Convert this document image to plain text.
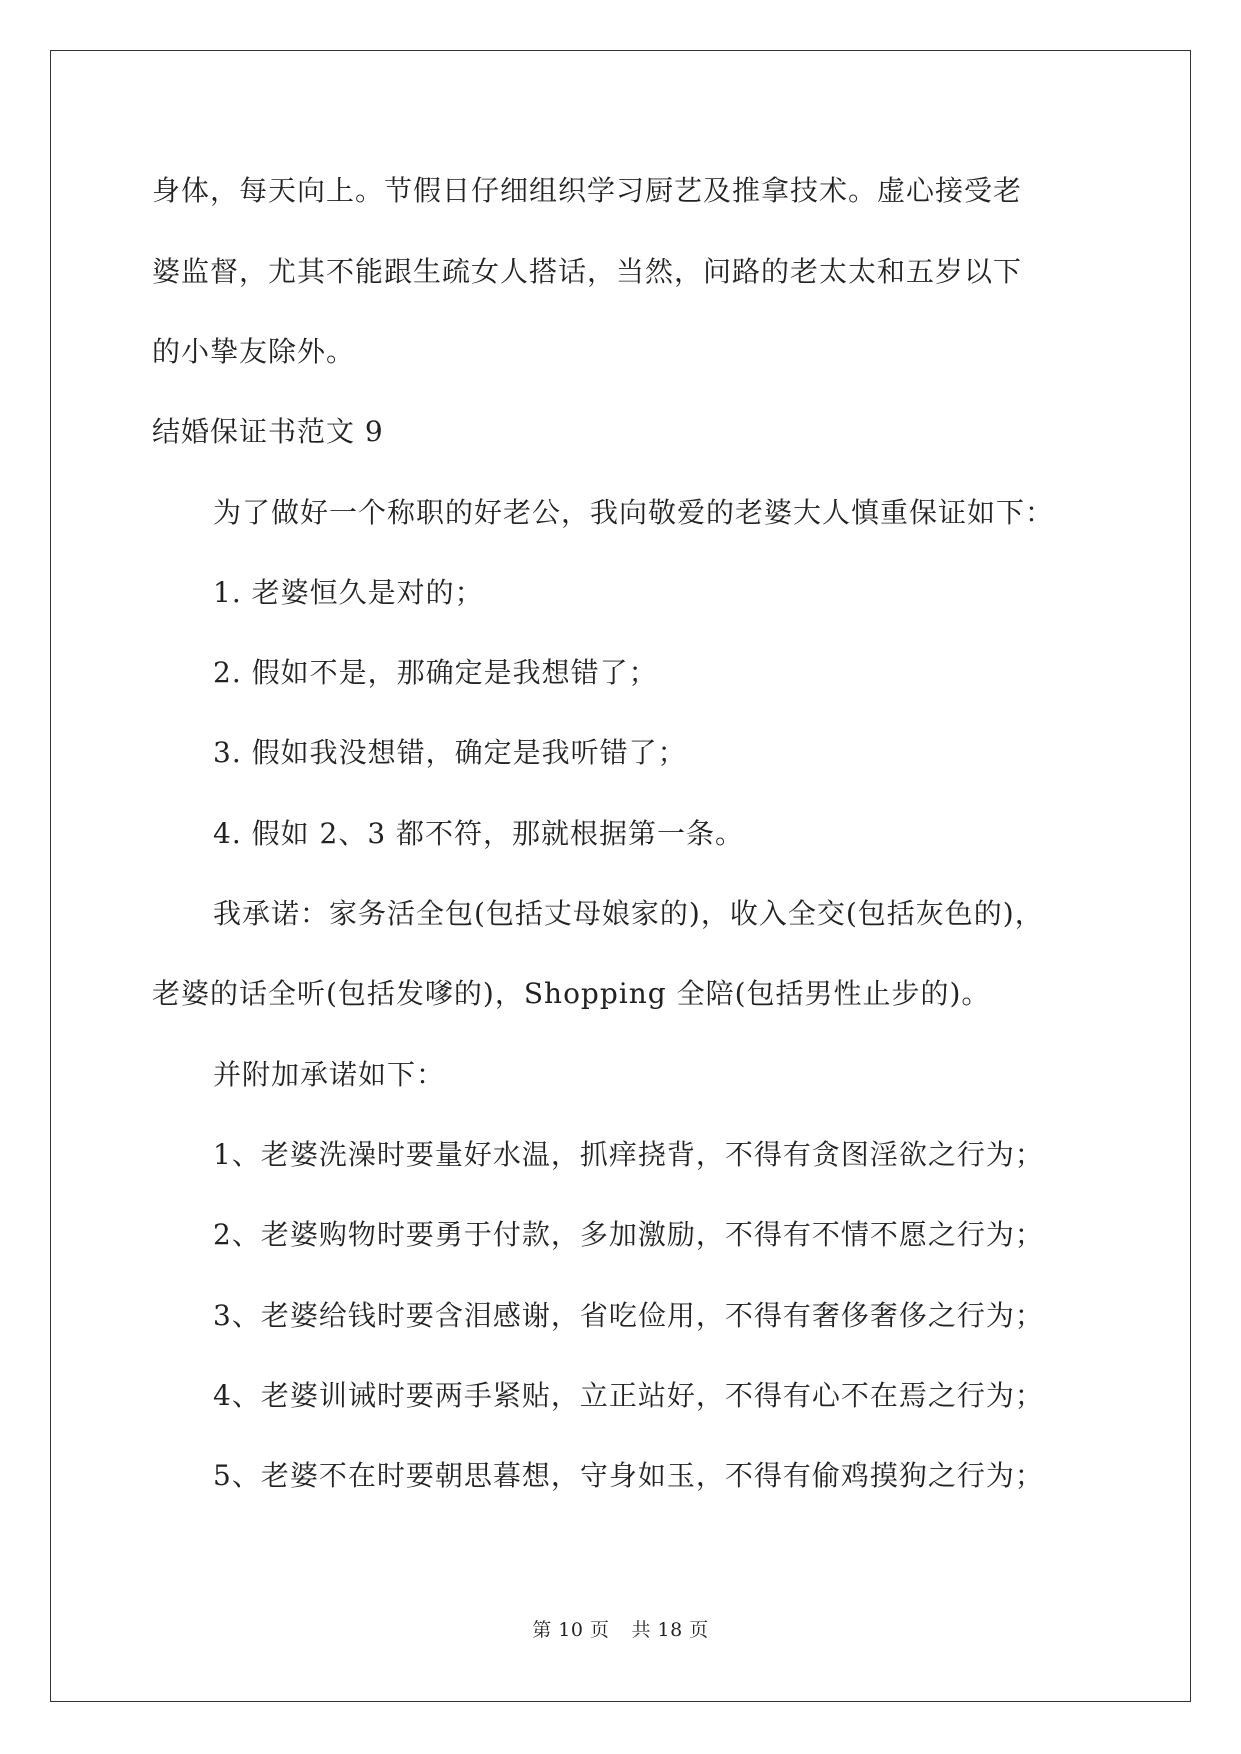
身体，每天向上。节假日仔细组织学习厨艺及推拿技术。虚心接受老
婆监督，尤其不能跟生疏女人搭话，当然，问路的老太太和五岁以下
的小挚友除外。
结婚保证书范文 9
为了做好一个称职的好老公，我向敬爱的老婆大人慎重保证如下：
1. 老婆恒久是对的；
2. 假如不是，那确定是我想错了；
3. 假如我没想错，确定是我听错了；
4. 假如 2、3 都不符，那就根据第一条。
我承诺：家务活全包(包括丈母娘家的)，收入全交(包括灰色的)，
老婆的话全听(包括发嗲的)，Shopping 全陪(包括男性止步的)。
并附加承诺如下：
1、老婆洗澡时要量好水温，抓痒挠背，不得有贪图淫欲之行为；
2、老婆购物时要勇于付款，多加激励，不得有不情不愿之行为；
3、老婆给钱时要含泪感谢，省吃俭用，不得有奢侈奢侈之行为；
4、老婆训诫时要两手紧贴，立正站好，不得有心不在焉之行为；
5、老婆不在时要朝思暮想，守身如玉，不得有偷鸡摸狗之行为；
第 10 页 共 18 页
